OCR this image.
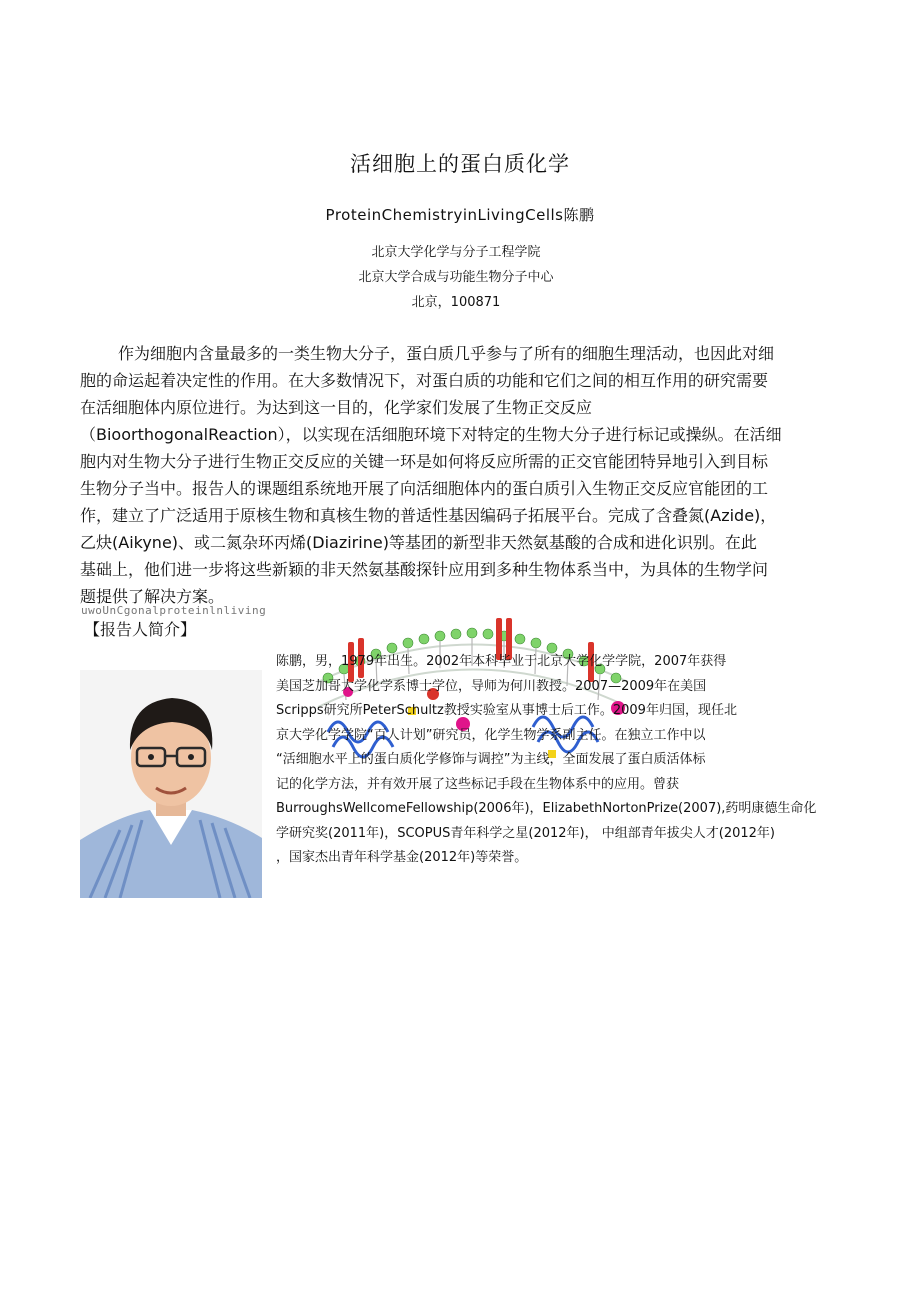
活细胞上的蛋白质化学
ProteinChemistryinLivingCells陈鹏
北京大学化学与分子工程学院
北京大学合成与功能生物分子中心
北京，100871
作为细胞内含量最多的一类生物大分子，蛋白质几乎参与了所有的细胞生理活动，也因此对细
胞的命运起着决定性的作用。在大多数情况下，对蛋白质的功能和它们之间的相互作用的研究需要
在活细胞体内原位进行。为达到这一目的，化学家们发展了生物正交反应
（BioorthogonalReaction），以实现在活细胞环境下对特定的生物大分子进行标记或操纵。在活细
胞内对生物大分子进行生物正交反应的关键一环是如何将反应所需的正交官能团特异地引入到目标
生物分子当中。报告人的课题组系统地开展了向活细胞体内的蛋白质引入生物正交反应官能团的工
作，建立了广泛适用于原核生物和真核生物的普适性基因编码子拓展平台。完成了含叠氮(Azide)，
乙炔(Aikyne)、或二氮杂环丙烯(Diazirine)等基团的新型非天然氨基酸的合成和进化识别。在此
基础上，他们进一步将这些新颖的非天然氨基酸探针应用到多种生物体系当中，为具体的生物学问
题提供了解决方案。
uwoUnCgonalproteinlnliving
【报告人简介】
陈鹏，男，1979年出生。2002年本科毕业于北京大学化学学院，2007年获得
美国芝加哥大学化学系博士学位，导师为何川教授。2007—2009年在美国
Scripps研究所PeterSchultz教授实验室从事博士后工作。2009年归国，现任北
京大学化学学院“百人计划”研究员，化学生物学系副主任。在独立工作中以
“活细胞水平上的蛋白质化学修饰与调控”为主线，全面发展了蛋白质活体标
记的化学方法，并有效开展了这些标记手段在生物体系中的应用。曾获
BurroughsWellcomeFellowship(2006年)，ElizabethNortonPrize(2007),药明康德生命化
学研究奖(2011年)，SCOPUS青年科学之星(2012年)， 中组部青年拔尖人才(2012年)
，国家杰出青年科学基金(2012年)等荣誉。
